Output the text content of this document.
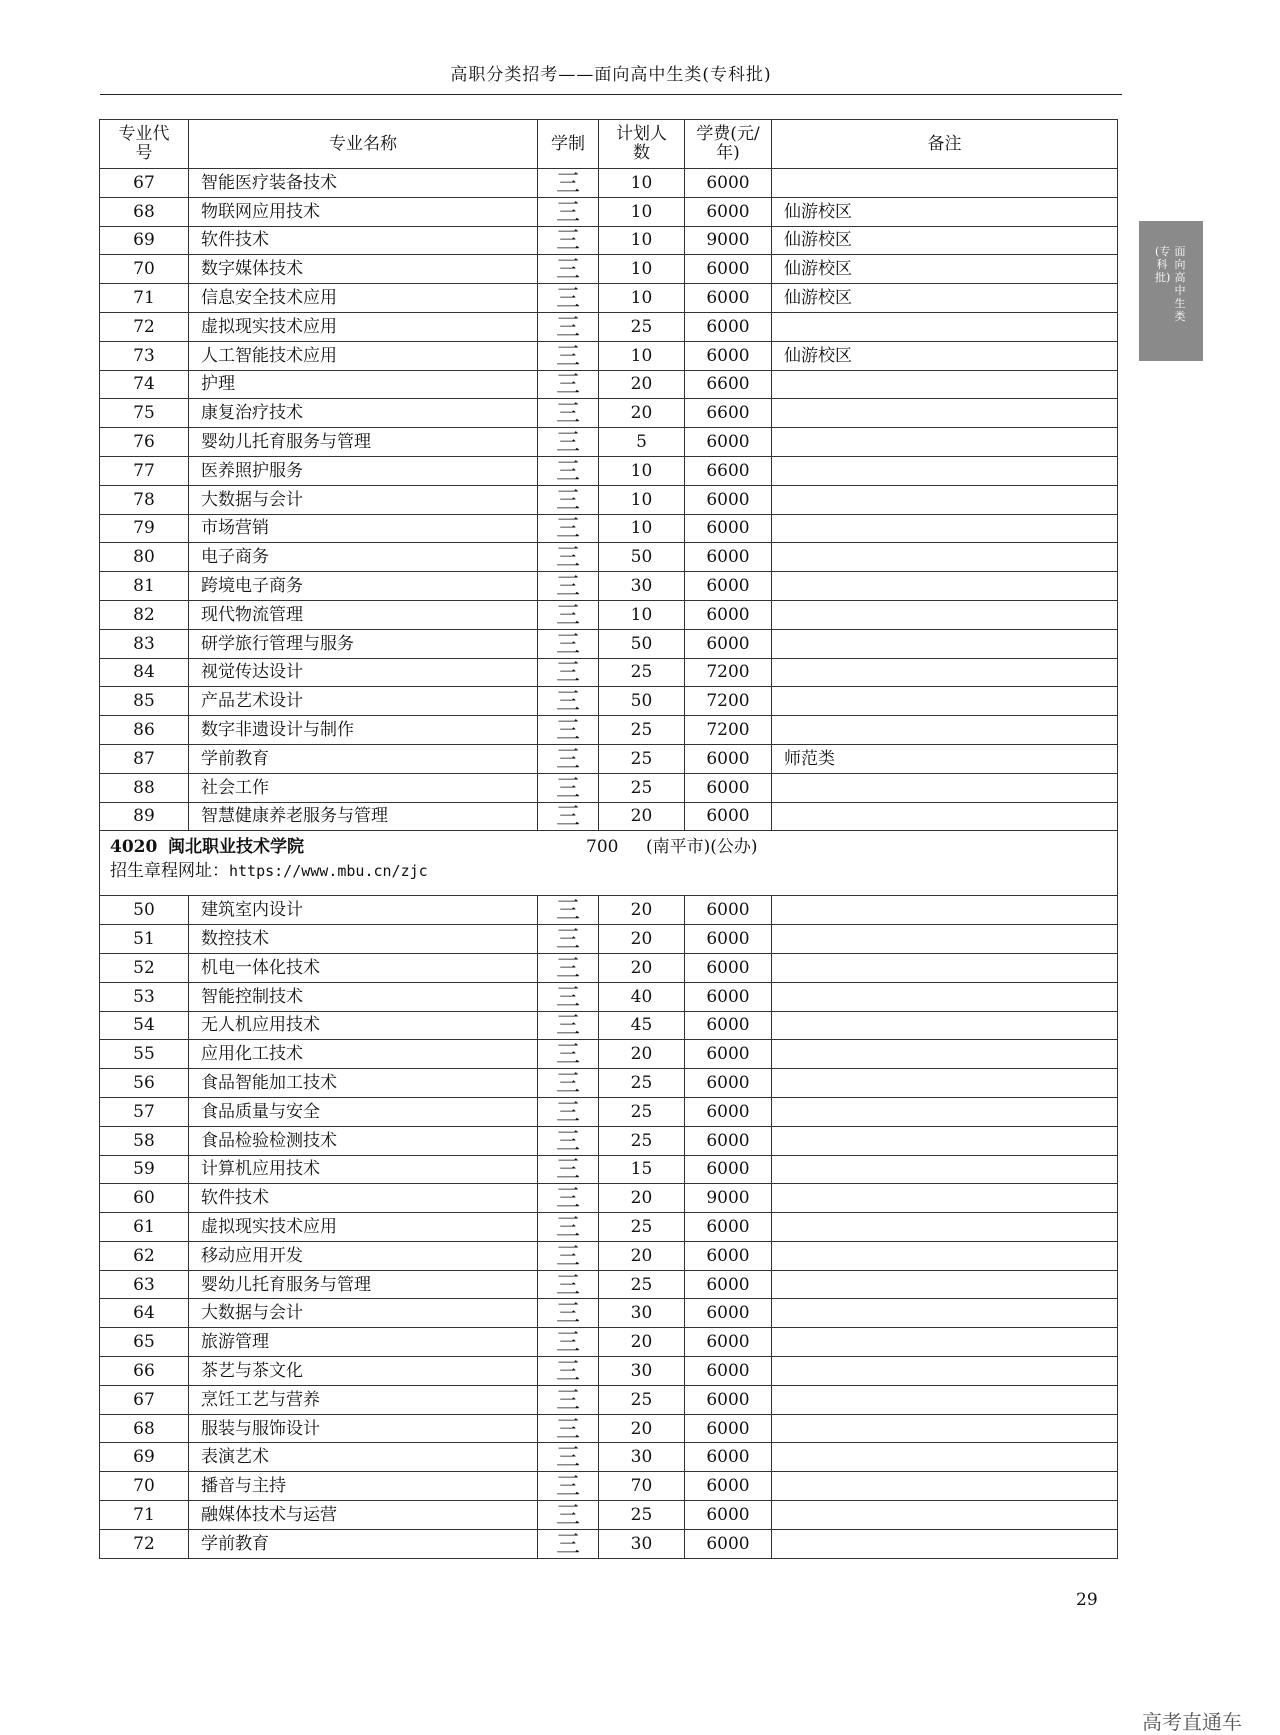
高职分类招考——面向高中生类(专科批)
面向高中生类
(专科批)
专业代号	专业名称	学制	计划人数	学费(元/年)	备注
67	智能医疗装备技术	三	10	6000	
68	物联网应用技术	三	10	6000	仙游校区
69	软件技术	三	10	9000	仙游校区
70	数字媒体技术	三	10	6000	仙游校区
71	信息安全技术应用	三	10	6000	仙游校区
72	虚拟现实技术应用	三	25	6000	
73	人工智能技术应用	三	10	6000	仙游校区
74	护理	三	20	6600	
75	康复治疗技术	三	20	6600	
76	婴幼儿托育服务与管理	三	5	6000	
77	医养照护服务	三	10	6600	
78	大数据与会计	三	10	6000	
79	市场营销	三	10	6000	
80	电子商务	三	50	6000	
81	跨境电子商务	三	30	6000	
82	现代物流管理	三	10	6000	
83	研学旅行管理与服务	三	50	6000	
84	视觉传达设计	三	25	7200	
85	产品艺术设计	三	50	7200	
86	数字非遗设计与制作	三	25	7200	
87	学前教育	三	25	6000	师范类
88	社会工作	三	25	6000	
89	智慧健康养老服务与管理	三	20	6000	

4020 闽北职业技术学院 700 (南平市)(公办)
招生章程网址：https://www.mbu.cn/zjc					

50	建筑室内设计	三	20	6000	
51	数控技术	三	20	6000	
52	机电一体化技术	三	20	6000	
53	智能控制技术	三	40	6000	
54	无人机应用技术	三	45	6000	
55	应用化工技术	三	20	6000	
56	食品智能加工技术	三	25	6000	
57	食品质量与安全	三	25	6000	
58	食品检验检测技术	三	25	6000	
59	计算机应用技术	三	15	6000	
60	软件技术	三	20	9000	
61	虚拟现实技术应用	三	25	6000	
62	移动应用开发	三	20	6000	
63	婴幼儿托育服务与管理	三	25	6000	
64	大数据与会计	三	30	6000	
65	旅游管理	三	20	6000	
66	茶艺与茶文化	三	30	6000	
67	烹饪工艺与营养	三	25	6000	
68	服装与服饰设计	三	20	6000	
69	表演艺术	三	30	6000	
70	播音与主持	三	70	6000	
71	融媒体技术与运营	三	25	6000	
72	学前教育	三	30	6000	
29
高考直通车
